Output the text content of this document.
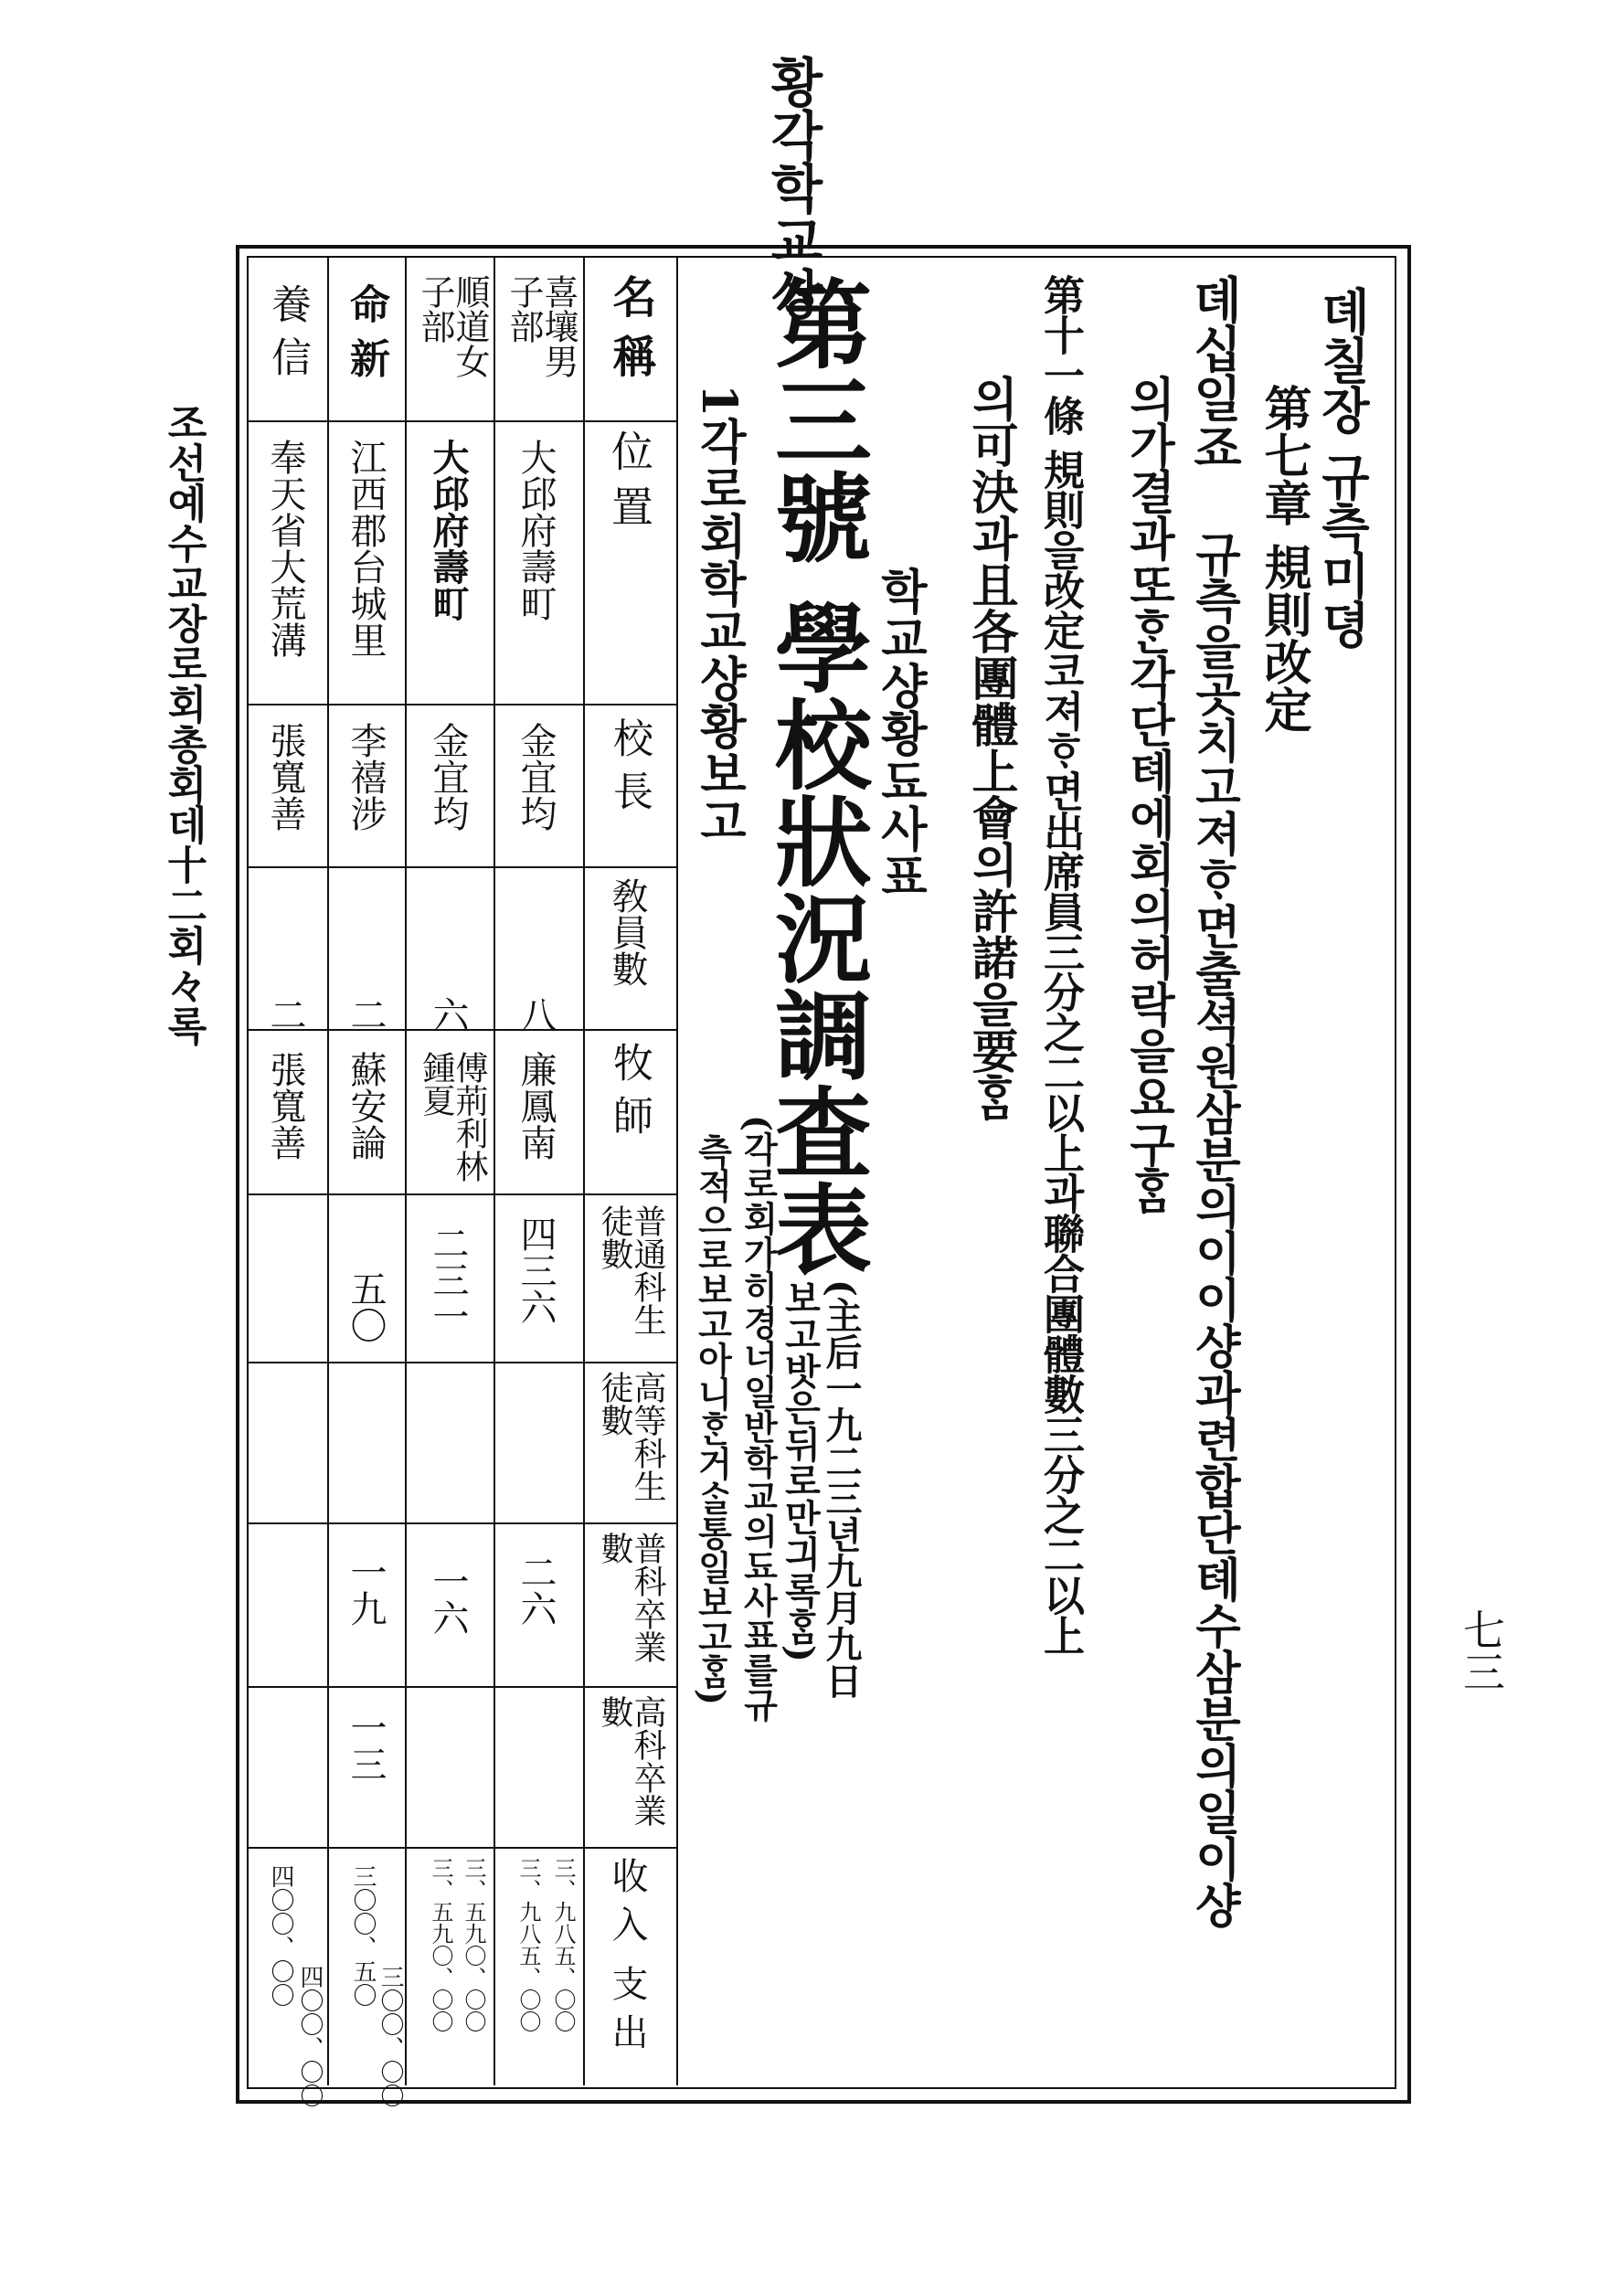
황각학교상
조선예수교장로회총회데十二회々록
七三
뎨칠장 규측미뎡
第七章 規則改定
뎨십일죠
규측을곳치고져ᄒᆞ면출셕원삼분의이이샹과련합단톄수삼분의일이샹
의가결과또ᄒᆞᆫ각단톄에회의허락을요구ᄒᆞᆷ
第十一條 規則을改定코져ᄒᆞ면出席員三分之二以上과聯合團體數三分之二以上
의可決과且各團體上會의許諾을要ᄒᆞᆷ
第三號 學校狀況調査表
학교샹황됴사표
(主后一九二三년九月九日
보고밧은뒤로만긔록ᄒᆞᆷ)
1각로회학교샹황보고
(각로회가히경너일반학교의됴사표를규
측적으로보고아니ᄒᆞᆫ거ᄉᆞᆯ통일보고ᄒᆞᆷ)
名 稱
位 置
校 長
敎員數
牧 師
普通科生徒數
高等科生徒數
普科卒業數
高科卒業數
收 入
支 出
喜壤男子部
大邱府壽町
金宜均
八
廉鳳南
四三六
二六
三、九八五、〇〇 三、九八五、〇〇
順道女子部
大邱府壽町
金宜均
六
傅荊利林鍾夏
二三一
一六
三、五九〇、〇〇 三、五九〇、〇〇
命 新
江西郡台城里
李禧涉
二
蘇安論
五〇
一九
一三
三〇〇、五〇
三〇〇、〇〇
養 信
奉天省大荒溝
張寬善
二
張寬善
四〇〇、〇〇
四〇〇、〇〇
